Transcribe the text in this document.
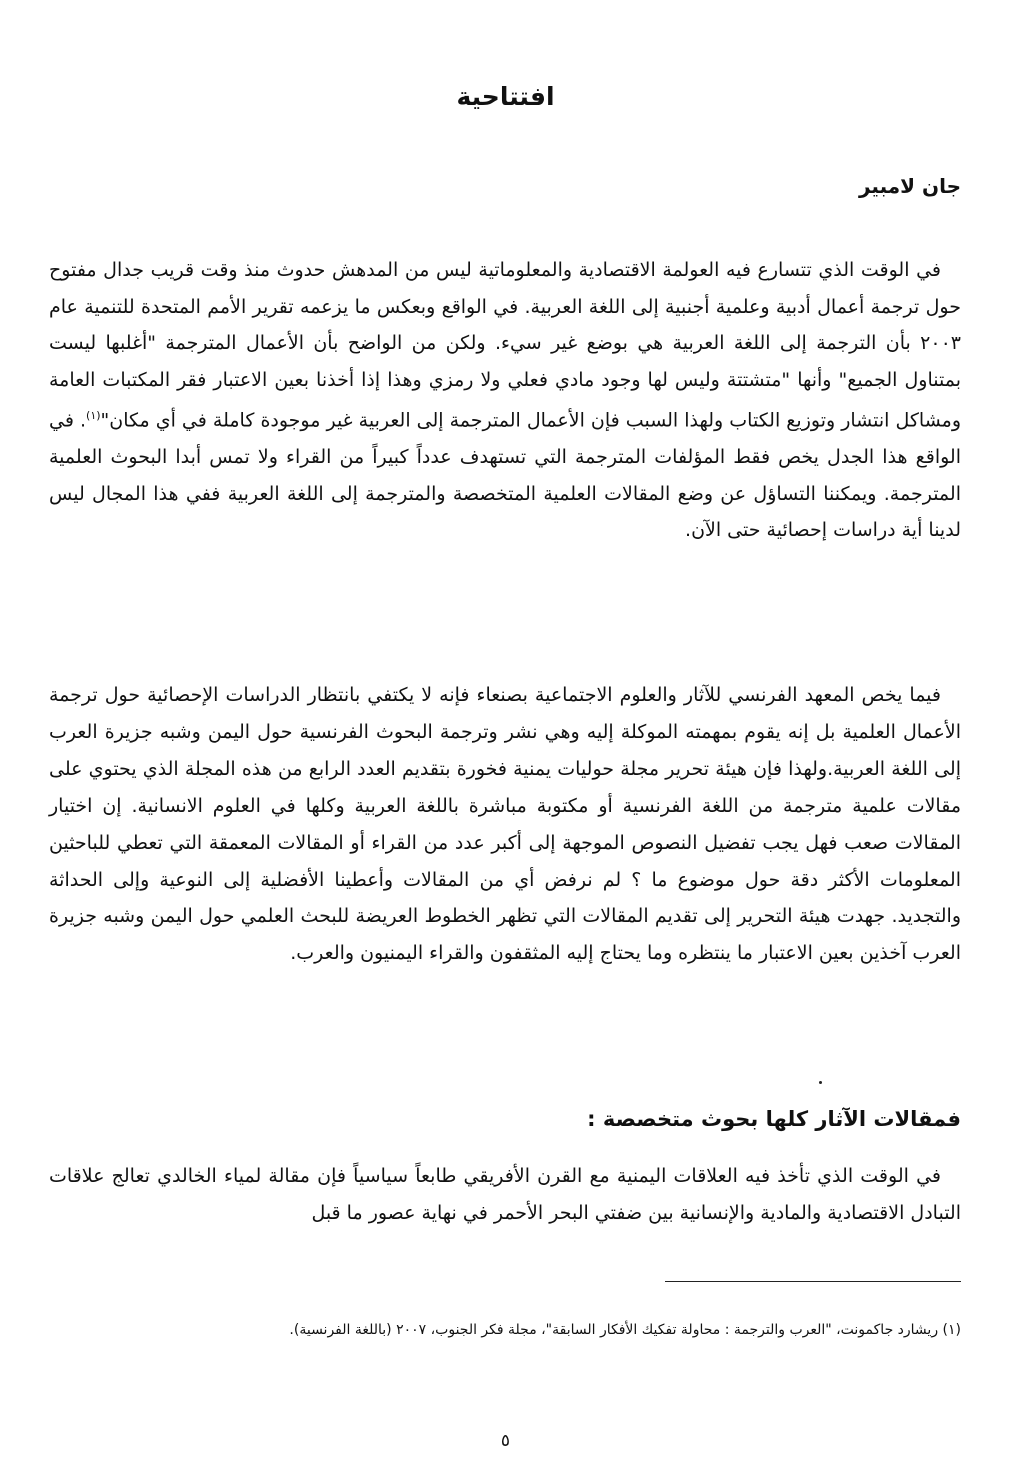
افتتاحية

جان لامبير

في الوقت الذي تتسارع فيه العولمة الاقتصادية والمعلوماتية ليس من المدهش حدوث منذ وقت قريب جدال مفتوح حول ترجمة أعمال أدبية وعلمية أجنبية إلى اللغة العربية. في الواقع وبعكس ما يزعمه تقرير الأمم المتحدة للتنمية عام ٢٠٠٣ بأن الترجمة إلى اللغة العربية هي بوضع غير سيء. ولكن من الواضح بأن الأعمال المترجمة "أغلبها ليست بمتناول الجميع" وأنها "متشتتة وليس لها وجود مادي فعلي ولا رمزي وهذا إذا أخذنا بعين الاعتبار فقر المكتبات العامة ومشاكل انتشار وتوزيع الكتاب ولهذا السبب فإن الأعمال المترجمة إلى العربية غير موجودة كاملة في أي مكان"$^{(١)}$. في الواقع هذا الجدل يخص فقط المؤلفات المترجمة التي تستهدف عدداً كبيراً من القراء ولا تمس أبدا البحوث العلمية المترجمة. ويمكننا التساؤل عن وضع المقالات العلمية المتخصصة والمترجمة إلى اللغة العربية ففي هذا المجال ليس لدينا أية دراسات إحصائية حتى الآن.

فيما يخص المعهد الفرنسي للآثار والعلوم الاجتماعية بصنعاء فإنه لا يكتفي بانتظار الدراسات الإحصائية حول ترجمة الأعمال العلمية بل إنه يقوم بمهمته الموكلة إليه وهي نشر وترجمة البحوث الفرنسية حول اليمن وشبه جزيرة العرب إلى اللغة العربية.ولهذا فإن هيئة تحرير مجلة حوليات يمنية فخورة بتقديم العدد الرابع من هذه المجلة الذي يحتوي على مقالات علمية مترجمة من اللغة الفرنسية أو مكتوبة مباشرة باللغة العربية وكلها في العلوم الانسانية. إن اختيار المقالات صعب فهل يجب تفضيل النصوص الموجهة إلى أكبر عدد من القراء أو المقالات المعمقة التي تعطي للباحثين المعلومات الأكثر دقة حول موضوع ما ؟ لم نرفض أي من المقالات وأعطينا الأفضلية إلى النوعية وإلى الحداثة والتجديد. جهدت هيئة التحرير إلى تقديم المقالات التي تظهر الخطوط العريضة للبحث العلمي حول اليمن وشبه جزيرة العرب آخذين بعين الاعتبار ما ينتظره وما يحتاج إليه المثقفون والقراء اليمنيون والعرب.

فمقالات الآثار كلها بحوث متخصصة :

في الوقت الذي تأخذ فيه العلاقات اليمنية مع القرن الأفريقي طابعاً سياسياً فإن مقالة لمياء الخالدي تعالج علاقات التبادل الاقتصادية والمادية والإنسانية بين ضفتي البحر الأحمر في نهاية عصور ما قبل

(١) ريشارد جاكمونت، "العرب والترجمة : محاولة تفكيك الأفكار السابقة"، مجلة فكر الجنوب، ٢٠٠٧ (باللغة الفرنسية).

٥
